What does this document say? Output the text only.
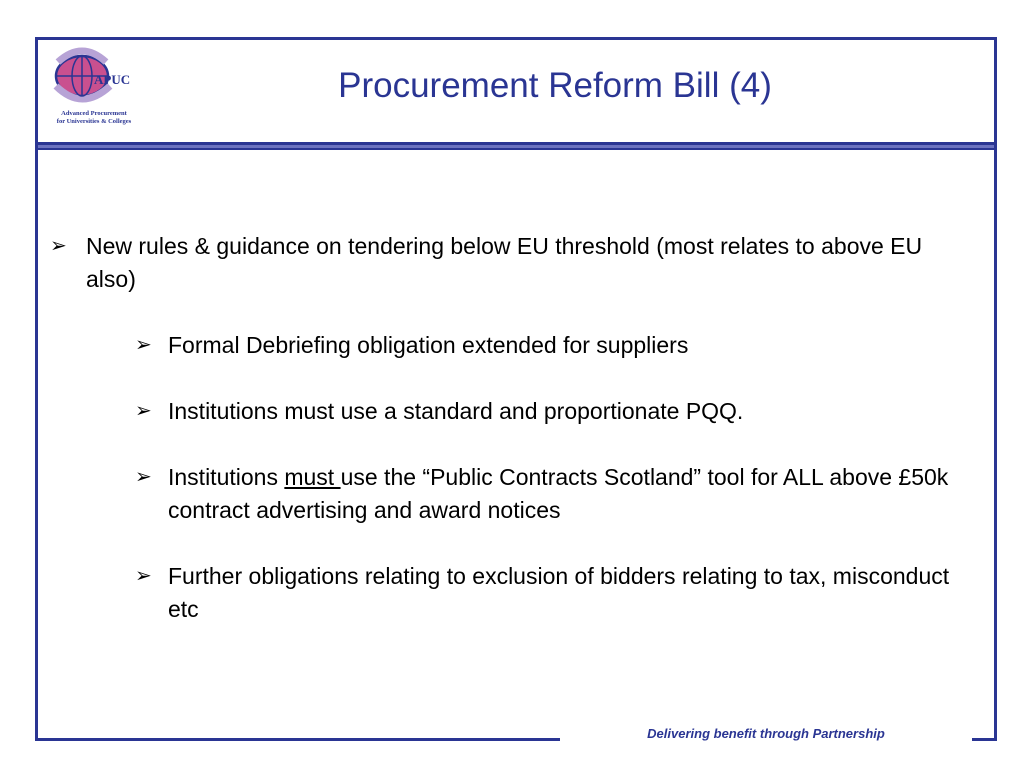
APUC
Advanced Procurement
for Universities & Colleges
Procurement Reform Bill (4)
➢ New rules & guidance on tendering below EU threshold (most relates to above EU also)
➢ Formal Debriefing obligation extended for suppliers
➢ Institutions must use a standard and proportionate PQQ.
➢ Institutions must use the “Public Contracts Scotland” tool for ALL above £50k contract advertising and award notices
➢ Further obligations relating to exclusion of bidders relating to tax, misconduct etc
Delivering benefit through Partnership
